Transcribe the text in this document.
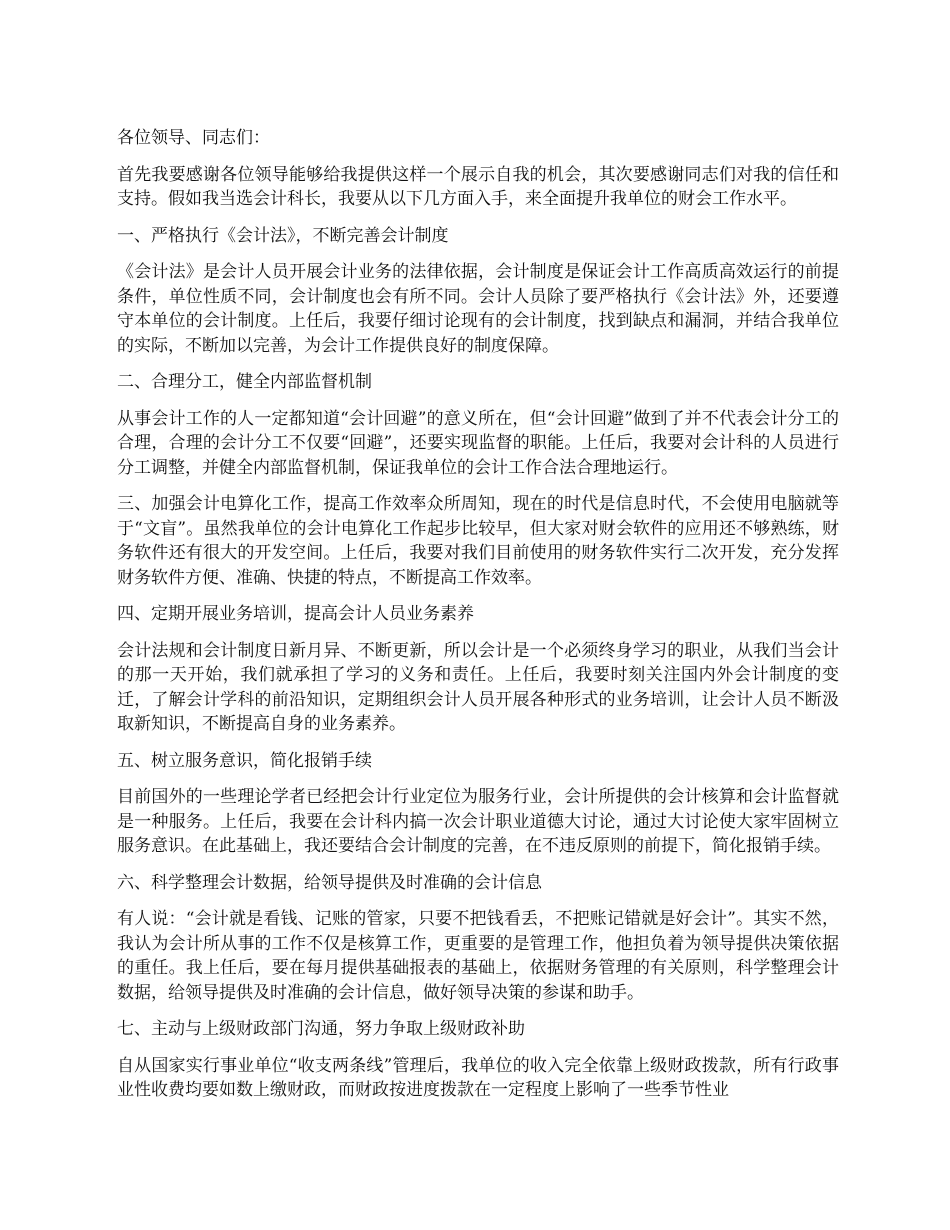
各位领导、同志们：

首先我要感谢各位领导能够给我提供这样一个展示自我的机会，其次要感谢同志们对我的信任和支持。假如我当选会计科长，我要从以下几方面入手，来全面提升我单位的财会工作水平。

一、严格执行《会计法》，不断完善会计制度

《会计法》是会计人员开展会计业务的法律依据，会计制度是保证会计工作高质高效运行的前提条件，单位性质不同，会计制度也会有所不同。会计人员除了要严格执行《会计法》外，还要遵守本单位的会计制度。上任后，我要仔细讨论现有的会计制度，找到缺点和漏洞，并结合我单位的实际，不断加以完善，为会计工作提供良好的制度保障。

二、合理分工，健全内部监督机制

从事会计工作的人一定都知道“会计回避”的意义所在，但“会计回避”做到了并不代表会计分工的合理，合理的会计分工不仅要“回避”，还要实现监督的职能。上任后，我要对会计科的人员进行分工调整，并健全内部监督机制，保证我单位的会计工作合法合理地运行。

三、加强会计电算化工作，提高工作效率众所周知，现在的时代是信息时代，不会使用电脑就等于“文盲”。虽然我单位的会计电算化工作起步比较早，但大家对财会软件的应用还不够熟练，财务软件还有很大的开发空间。上任后，我要对我们目前使用的财务软件实行二次开发，充分发挥财务软件方便、准确、快捷的特点，不断提高工作效率。

四、定期开展业务培训，提高会计人员业务素养

会计法规和会计制度日新月异、不断更新，所以会计是一个必须终身学习的职业，从我们当会计的那一天开始，我们就承担了学习的义务和责任。上任后，我要时刻关注国内外会计制度的变迁，了解会计学科的前沿知识，定期组织会计人员开展各种形式的业务培训，让会计人员不断汲取新知识，不断提高自身的业务素养。

五、树立服务意识，简化报销手续

目前国外的一些理论学者已经把会计行业定位为服务行业，会计所提供的会计核算和会计监督就是一种服务。上任后，我要在会计科内搞一次会计职业道德大讨论，通过大讨论使大家牢固树立服务意识。在此基础上，我还要结合会计制度的完善，在不违反原则的前提下，简化报销手续。

六、科学整理会计数据，给领导提供及时准确的会计信息

有人说：“会计就是看钱、记账的管家，只要不把钱看丢，不把账记错就是好会计”。其实不然，我认为会计所从事的工作不仅是核算工作，更重要的是管理工作，他担负着为领导提供决策依据的重任。我上任后，要在每月提供基础报表的基础上，依据财务管理的有关原则，科学整理会计数据，给领导提供及时准确的会计信息，做好领导决策的参谋和助手。

七、主动与上级财政部门沟通，努力争取上级财政补助

自从国家实行事业单位“收支两条线”管理后，我单位的收入完全依靠上级财政拨款，所有行政事业性收费均要如数上缴财政，而财政按进度拨款在一定程度上影响了一些季节性业
